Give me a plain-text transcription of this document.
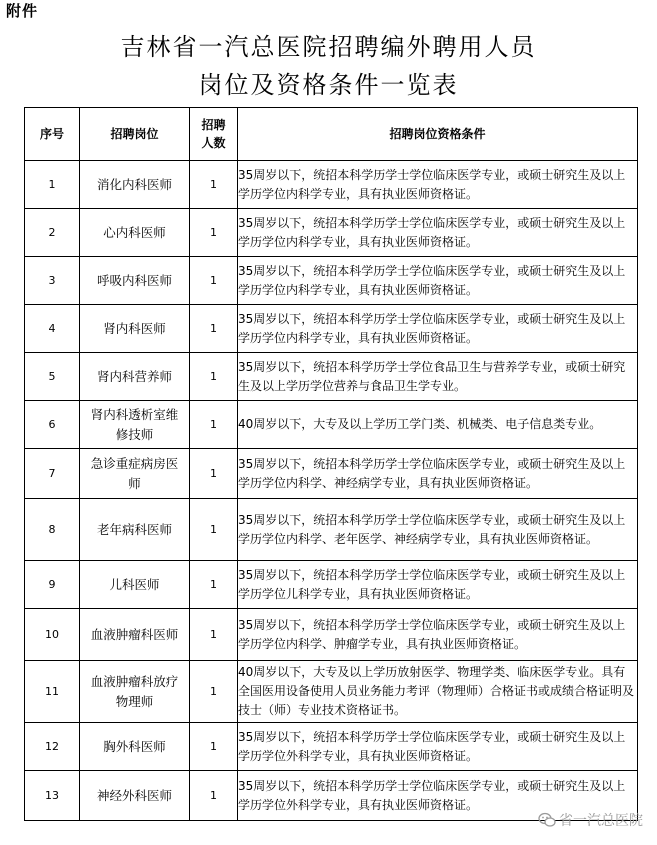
附件
吉林省一汽总医院招聘编外聘用人员
岗位及资格条件一览表
序号	招聘岗位	招聘人数	招聘岗位资格条件
1	消化内科医师	1	35周岁以下，统招本科学历学士学位临床医学专业，或硕士研究生及以上学历学位内科学专业，具有执业医师资格证。
2	心内科医师	1	35周岁以下，统招本科学历学士学位临床医学专业，或硕士研究生及以上学历学位内科学专业，具有执业医师资格证。
3	呼吸内科医师	1	35周岁以下，统招本科学历学士学位临床医学专业，或硕士研究生及以上学历学位内科学专业，具有执业医师资格证。
4	肾内科医师	1	35周岁以下，统招本科学历学士学位临床医学专业，或硕士研究生及以上学历学位内科学专业，具有执业医师资格证。
5	肾内科营养师	1	35周岁以下，统招本科学历学士学位食品卫生与营养学专业，或硕士研究生及以上学历学位营养与食品卫生学专业。
6	肾内科透析室维修技师	1	40周岁以下，大专及以上学历工学门类、机械类、电子信息类专业。
7	急诊重症病房医师	1	35周岁以下，统招本科学历学士学位临床医学专业，或硕士研究生及以上学历学位内科学、神经病学专业，具有执业医师资格证。
8	老年病科医师	1	35周岁以下，统招本科学历学士学位临床医学专业，或硕士研究生及以上学历学位内科学、老年医学、神经病学专业，具有执业医师资格证。
9	儿科医师	1	35周岁以下，统招本科学历学士学位临床医学专业，或硕士研究生及以上学历学位儿科学专业，具有执业医师资格证。
10	血液肿瘤科医师	1	35周岁以下，统招本科学历学士学位临床医学专业，或硕士研究生及以上学历学位内科学、肿瘤学专业，具有执业医师资格证。
11	血液肿瘤科放疗物理师	1	40周岁以下，大专及以上学历放射医学、物理学类、临床医学专业。具有全国医用设备使用人员业务能力考评（物理师）合格证书或成绩合格证明及技士（师）专业技术资格证书。
12	胸外科医师	1	35周岁以下，统招本科学历学士学位临床医学专业，或硕士研究生及以上学历学位外科学专业，具有执业医师资格证。
13	神经外科医师	1	35周岁以下，统招本科学历学士学位临床医学专业，或硕士研究生及以上学历学位外科学专业，具有执业医师资格证。
省一汽总医院
